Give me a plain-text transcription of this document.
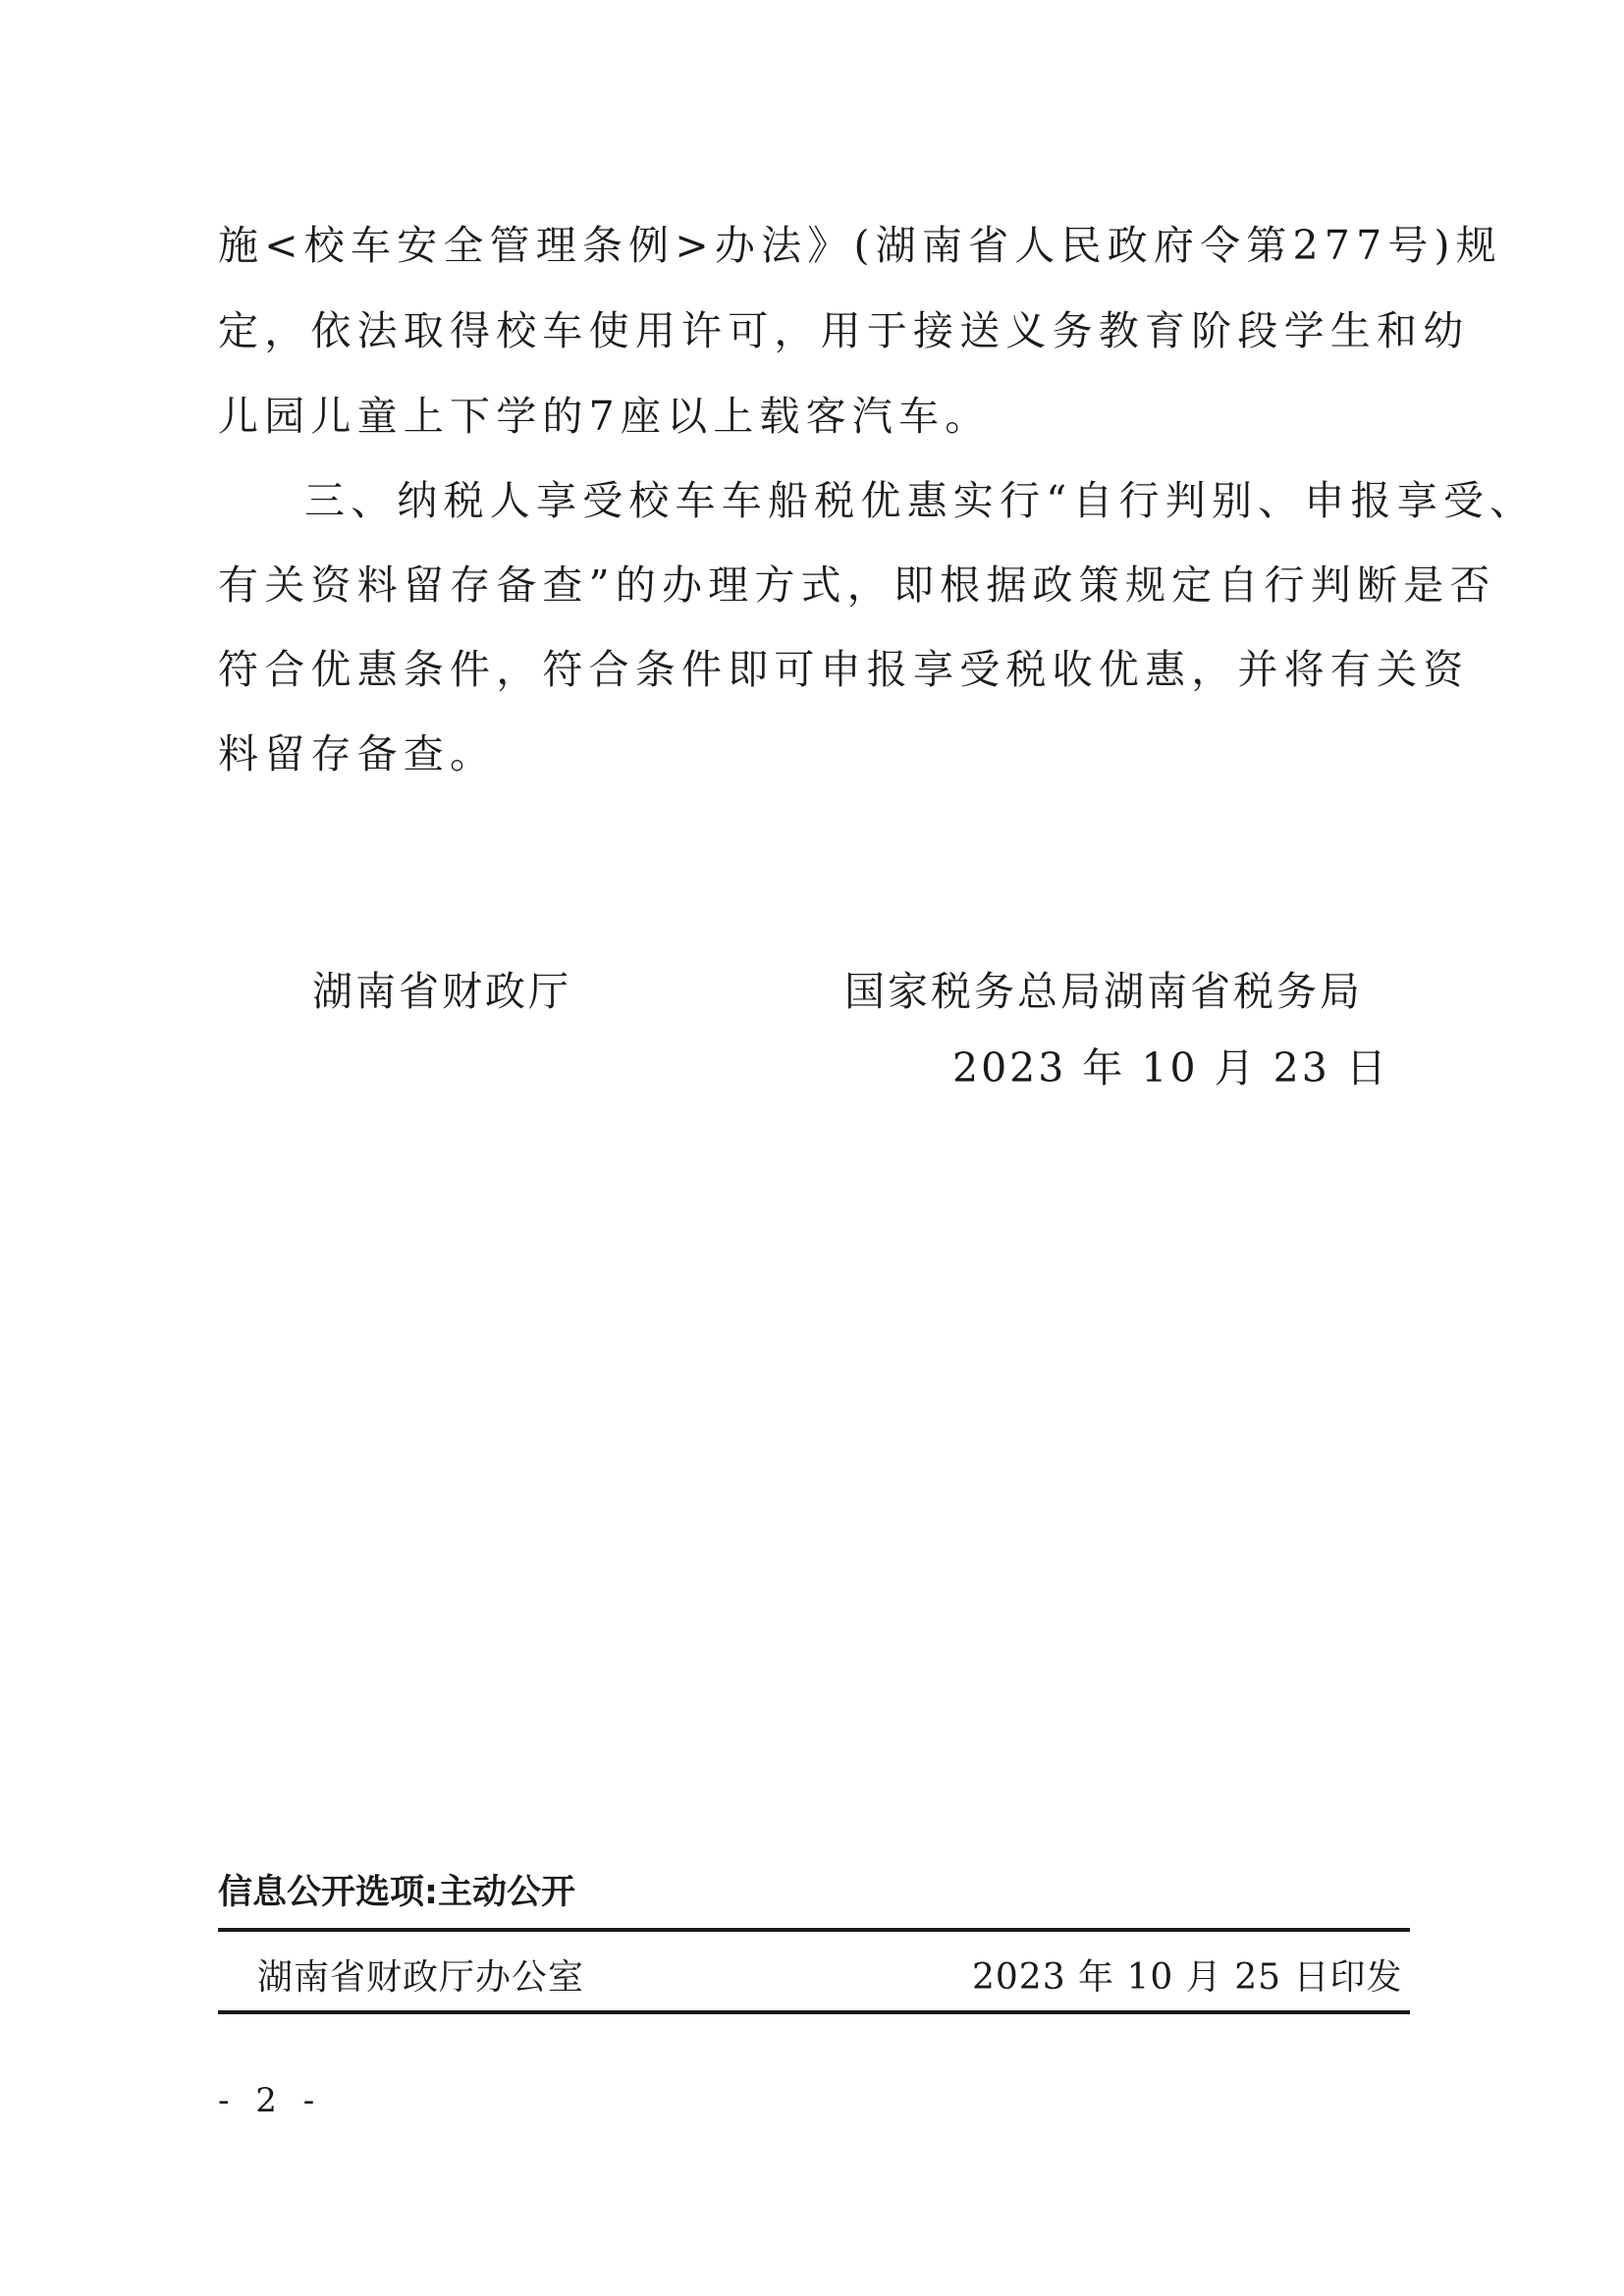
施<校车安全管理条例>办法》(湖南省人民政府令第277号)规
定，依法取得校车使用许可，用于接送义务教育阶段学生和幼
儿园儿童上下学的7座以上载客汽车。
三、纳税人享受校车车船税优惠实行“自行判别、申报享受、
有关资料留存备查”的办理方式，即根据政策规定自行判断是否
符合优惠条件，符合条件即可申报享受税收优惠，并将有关资
料留存备查。
湖南省财政厅	国家税务总局湖南省税务局
2023 年 10 月 23 日
信息公开选项:主动公开
湖南省财政厅办公室	2023 年 10 月 25 日印发
- 2 -
